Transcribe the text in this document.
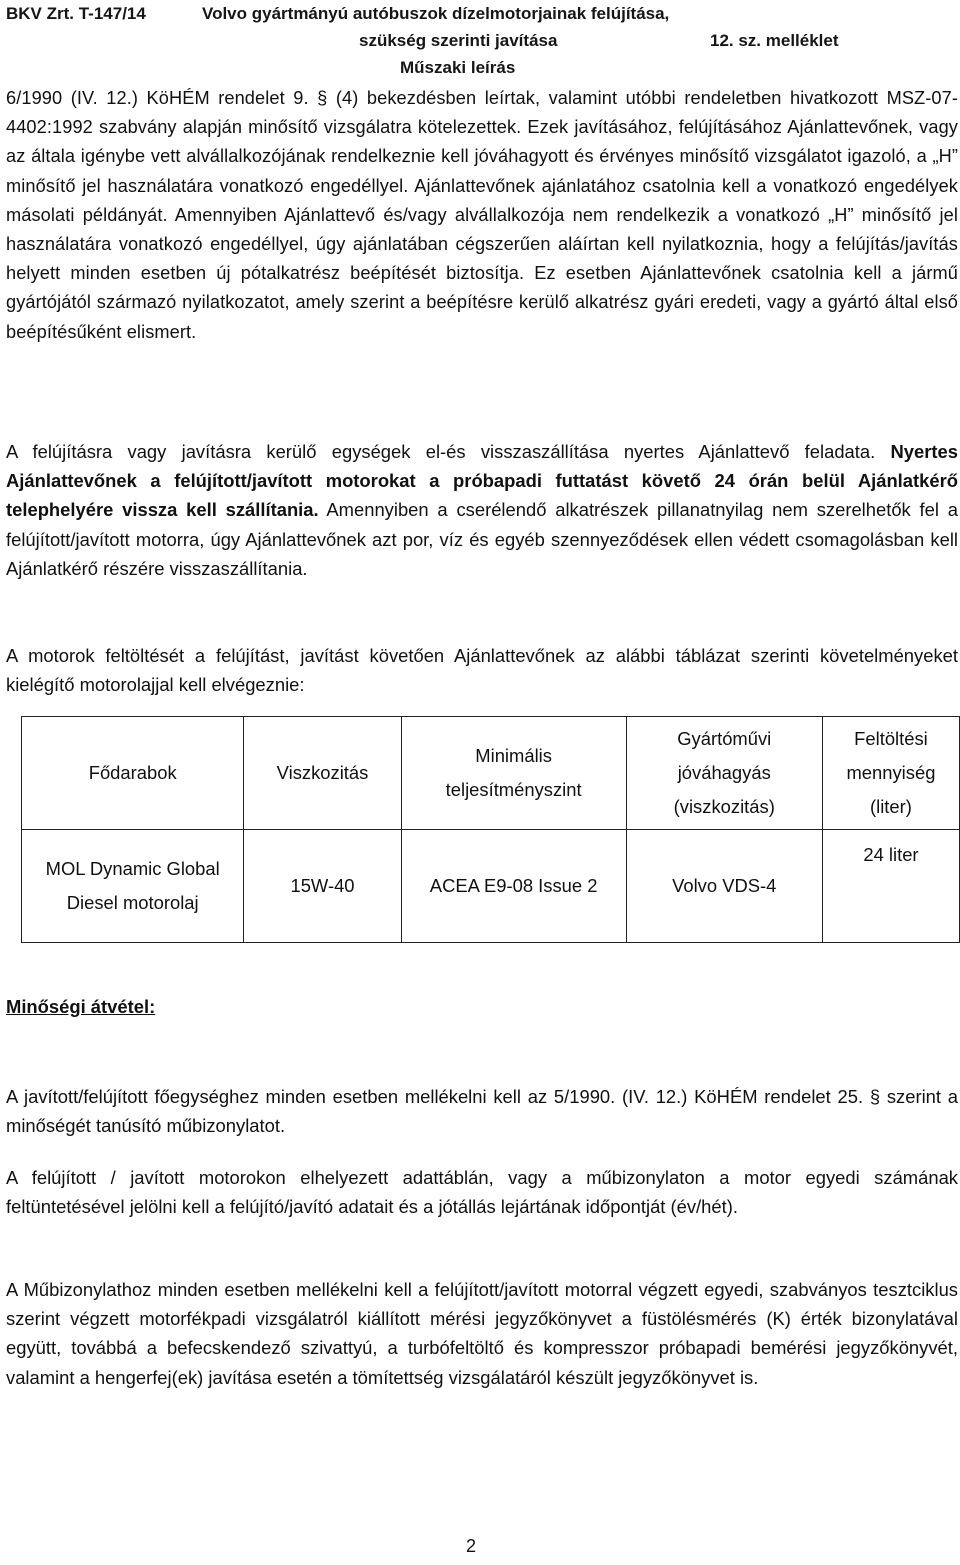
BKV Zrt. T-147/14	Volvo gyártmányú autóbuszok dízelmotorjainak felújítása,
szükség szerinti javítása	12. sz. melléklet
Műszaki leírás

6/1990 (IV. 12.) KöHÉM rendelet 9. § (4) bekezdésben leírtak, valamint utóbbi rendeletben hivatkozott MSZ-07-4402:1992 szabvány alapján minősítő vizsgálatra kötelezettek. Ezek javításához, felújításához Ajánlattevőnek, vagy az általa igénybe vett alvállalkozójának rendelkeznie kell jóváhagyott és érvényes minősítő vizsgálatot igazoló, a „H” minősítő jel használatára vonatkozó engedéllyel. Ajánlattevőnek ajánlatához csatolnia kell a vonatkozó engedélyek másolati példányát. Amennyiben Ajánlattevő és/vagy alvállalkozója nem rendelkezik a vonatkozó „H” minősítő jel használatára vonatkozó engedéllyel, úgy ajánlatában cégszerűen aláírtan kell nyilatkoznia, hogy a felújítás/javítás helyett minden esetben új pótalkatrész beépítését biztosítja. Ez esetben Ajánlattevőnek csatolnia kell a jármű gyártójától származó nyilatkozatot, amely szerint a beépítésre kerülő alkatrész gyári eredeti, vagy a gyártó által első beépítésűként elismert.

A felújításra vagy javításra kerülő egységek el-és visszaszállítása nyertes Ajánlattevő feladata. Nyertes Ajánlattevőnek a felújított/javított motorokat a próbapadi futtatást követő 24 órán belül Ajánlatkérő telephelyére vissza kell szállítania. Amennyiben a cserélendő alkatrészek pillanatnyilag nem szerelhetők fel a felújított/javított motorra, úgy Ajánlattevőnek azt por, víz és egyéb szennyeződések ellen védett csomagolásban kell Ajánlatkérő részére visszaszállítania.

A motorok feltöltését a felújítást, javítást követően Ajánlattevőnek az alábbi táblázat szerinti követelményeket kielégítő motorolajjal kell elvégeznie:

Fődarabok	Viszkozitás	Minimális teljesítményszint	Gyártóművi jóváhagyás (viszkozitás)	Feltöltési mennyiség (liter)
MOL Dynamic Global Diesel motorolaj	15W-40	ACEA E9-08 Issue 2	Volvo VDS-4	24 liter
Minőségi átvétel:

A javított/felújított főegységhez minden esetben mellékelni kell az 5/1990. (IV. 12.) KöHÉM rendelet 25. § szerint a minőségét tanúsító műbizonylatot.

A felújított / javított motorokon elhelyezett adattáblán, vagy a műbizonylaton a motor egyedi számának feltüntetésével jelölni kell a felújító/javító adatait és a jótállás lejártának időpontját (év/hét).

A Műbizonylathoz minden esetben mellékelni kell a felújított/javított motorral végzett egyedi, szabványos tesztciklus szerint végzett motorfékpadi vizsgálatról kiállított mérési jegyzőkönyvet a füstölésmérés (K) érték bizonylatával együtt, továbbá a befecskendező szivattyú, a turbófeltöltő és kompresszor próbapadi bemérési jegyzőkönyvét, valamint a hengerfej(ek) javítása esetén a tömítettség vizsgálatáról készült jegyzőkönyvet is.

2
